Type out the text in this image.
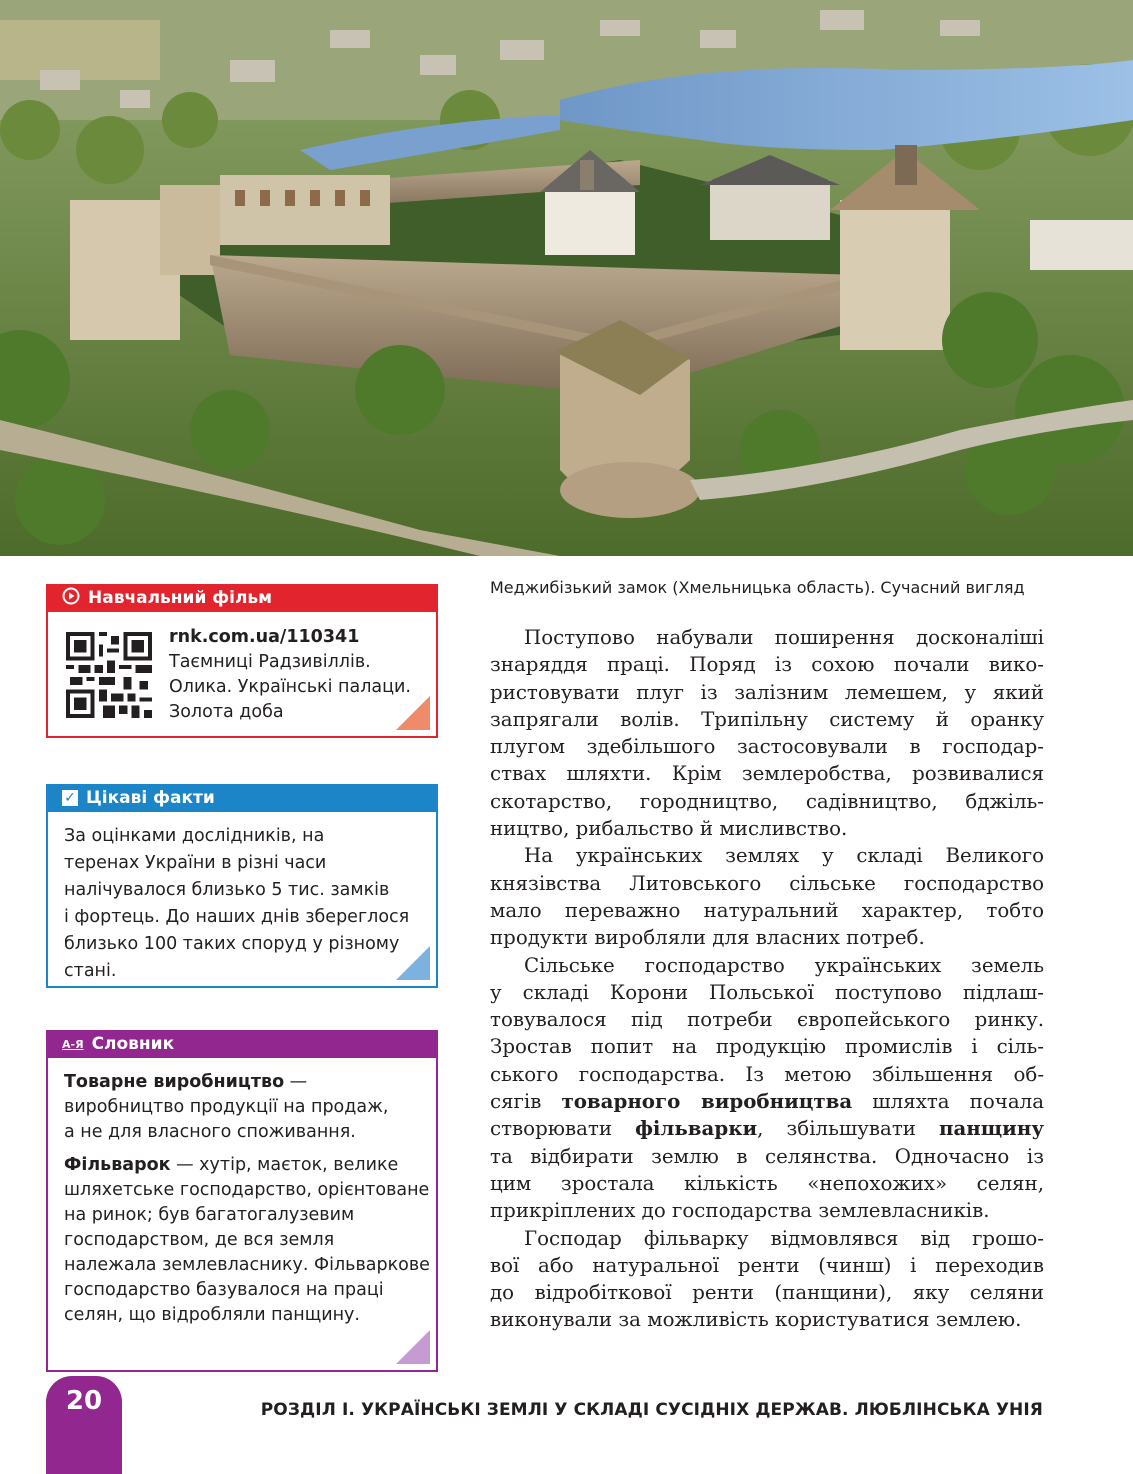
Меджибізький замок (Хмельницька область). Сучасний вигляд
Навчальний фільм
rnk.com.ua/110341
Таємниці Радзивіллів.
Олика. Українські палаци.
Золота доба
✓ Цікаві факти
За оцінками дослідників, на
теренах України в різні часи
налічувалося близько 5 тис. замків
і фортець. До наших днів збереглося
близько 100 таких споруд у різному
стані.
А-Я Словник
Товарне виробництво —
виробництво продукції на продаж,
а не для власного споживання.
Фільварок — хутір, маєток, велике
шляхетське господарство, орієнтоване
на ринок; був багатогалузевим
господарством, де вся земля
належала землевласнику. Фільваркове
господарство базувалося на праці
селян, що відробляли панщину.
Поступово набували поширення досконаліші
знаряддя праці. Поряд із сохою почали вико-
ристовувати плуг із залізним лемешем, у який
запрягали волів. Трипільну систему й оранку
плугом здебільшого застосовували в господар-
ствах шляхти. Крім землеробства, розвивалися
скотарство, городництво, садівництво, бджіль-
ництво, рибальство й мисливство.
На українських землях у складі Великого
князівства Литовського сільське господарство
мало переважно натуральний характер, тобто
продукти виробляли для власних потреб.
Сільське господарство українських земель
у складі Корони Польської поступово підлаш-
товувалося під потреби європейського ринку.
Зростав попит на продукцію промислів і сіль-
ського господарства. Із метою збільшення об-
сягів товарного виробництва шляхта почала
створювати фільварки, збільшувати панщину
та відбирати землю в селянства. Одночасно із
цим зростала кількість «непохожих» селян,
прикріплених до господарства землевласників.
Господар фільварку відмовлявся від грошо-
вої або натуральної ренти (чинш) і переходив
до відробіткової ренти (панщини), яку селяни
виконували за можливість користуватися землею.
20	РОЗДІЛ І. УКРАЇНСЬКІ ЗЕМЛІ У СКЛАДІ СУСІДНІХ ДЕРЖАВ. ЛЮБЛІНСЬКА УНІЯ
